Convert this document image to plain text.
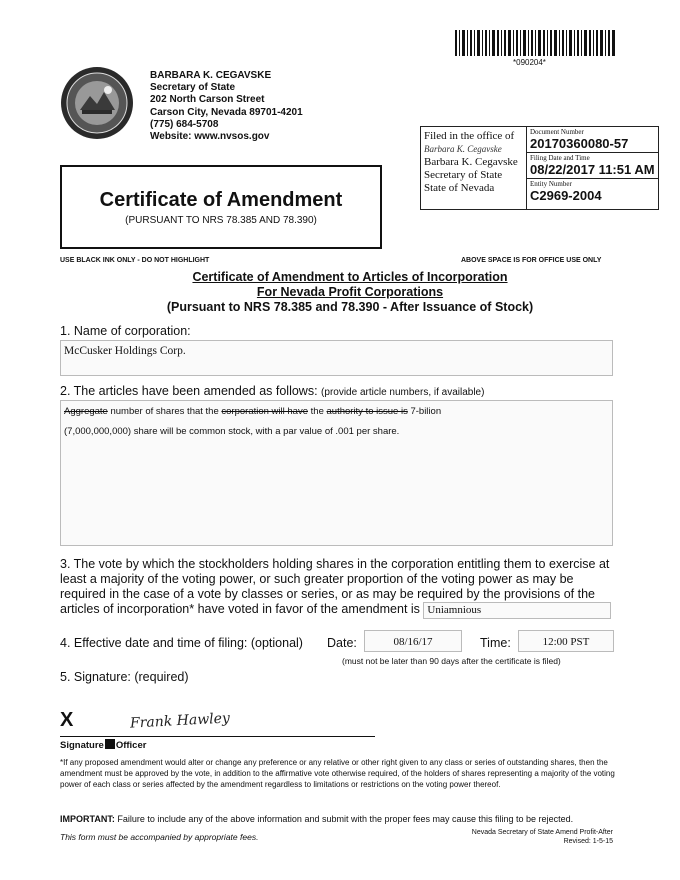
*090204*
BARBARA K. CEGAVSKE
Secretary of State
202 North Carson Street
Carson City, Nevada 89701-4201
(775) 684-5708
Website: www.nvsos.gov	Filed in the office of
Barbara K. Cegavske
Barbara K. Cegavske
Secretary of State
State of Nevada
Document Number
20170360080-57
Filing Date and Time
08/22/2017 11:51 AM
Entity Number
C2969-2004
Certificate of Amendment
(PURSUANT TO NRS 78.385 AND 78.390)
USE BLACK INK ONLY - DO NOT HIGHLIGHT	ABOVE SPACE IS FOR OFFICE USE ONLY
Certificate of Amendment to Articles of Incorporation
For Nevada Profit Corporations
(Pursuant to NRS 78.385 and 78.390 - After Issuance of Stock)
1. Name of corporation:
McCusker Holdings Corp.
2. The articles have been amended as follows: (provide article numbers, if available)
Aggregate number of shares that the corporation will have the authority to issue is 7-bilion
(7,000,000,000) share will be common stock, with a par value of .001 per share.
3. The vote by which the stockholders holding shares in the corporation entitling them to exercise at least a majority of the voting power, or such greater proportion of the voting power as may be required in the case of a vote by classes or series, or as may be required by the provisions of the articles of incorporation* have voted in favor of the amendment is Uniamnious
4. Effective date and time of filing: (optional) Date:	08/16/17	Time:	12:00 PST
(must not be later than 90 days after the certificate is filed)
5. Signature: (required)
X	Frank Hawley
Signature Officer
*If any proposed amendment would alter or change any preference or any relative or other right given to any class or series of outstanding shares, then the amendment must be approved by the vote, in addition to the affirmative vote otherwise required, of the holders of shares representing a majority of the voting power of each class or series affected by the amendment regardless to limitations or restrictions on the voting power thereof.
IMPORTANT: Failure to include any of the above information and submit with the proper fees may cause this filing to be rejected.
This form must be accompanied by appropriate fees.	Nevada Secretary of State Amend Profit-After
Revised: 1-5-15
